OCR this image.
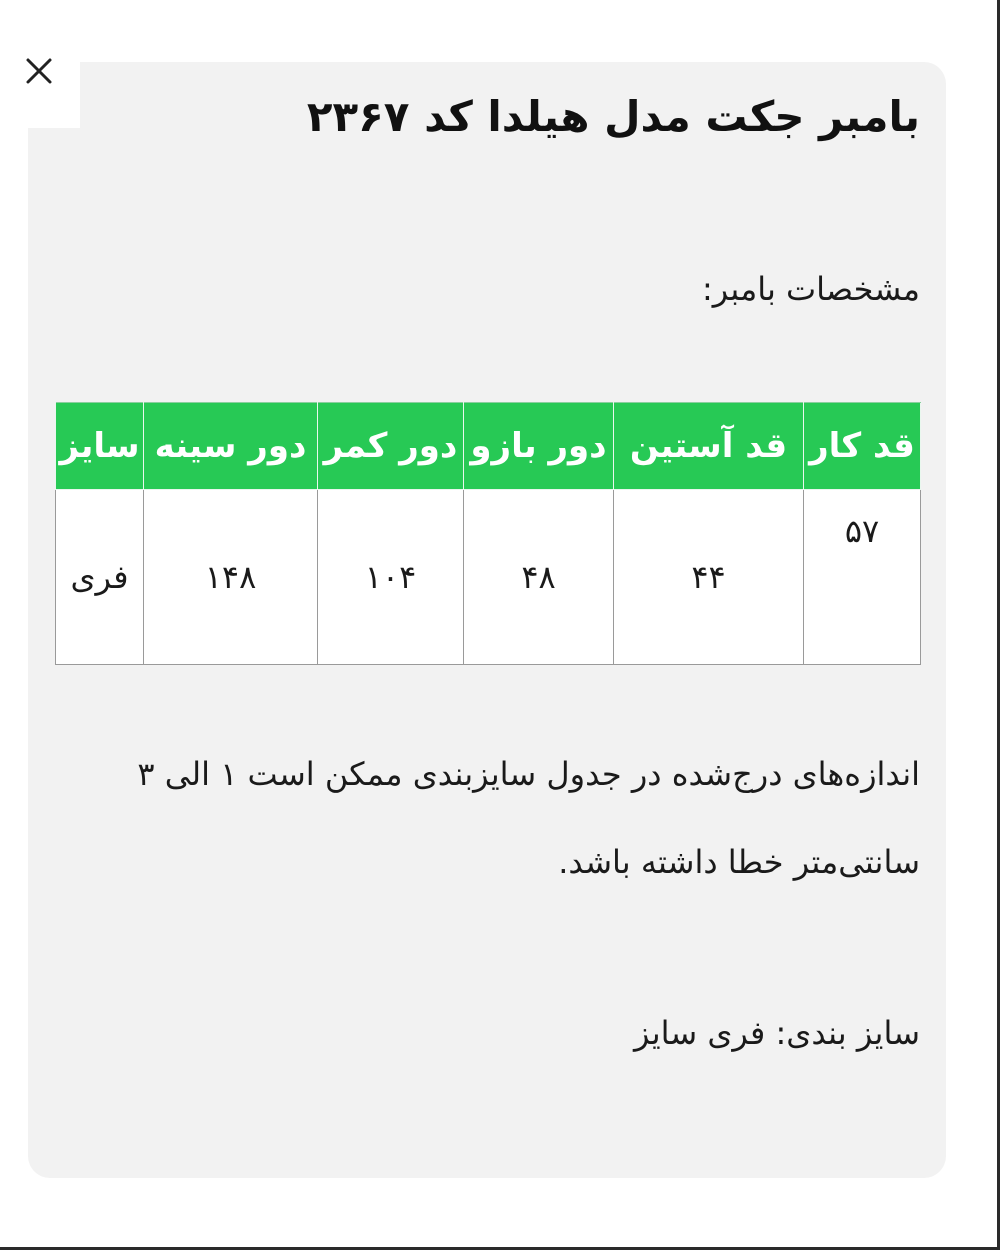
بامبر جکت مدل هیلدا کد ۲۳۶۷

مشخصات بامبر:

قد کار	قد آستین	دور بازو	دور کمر	دور سینه	سایز
۵۷	۴۴	۴۸	۱۰۴	۱۴۸	فری

اندازه‌های درج‌شده در جدول سایزبندی ممکن است ۱ الی ۳

سانتی‌متر خطا داشته باشد.

سایز بندی: فری سایز
